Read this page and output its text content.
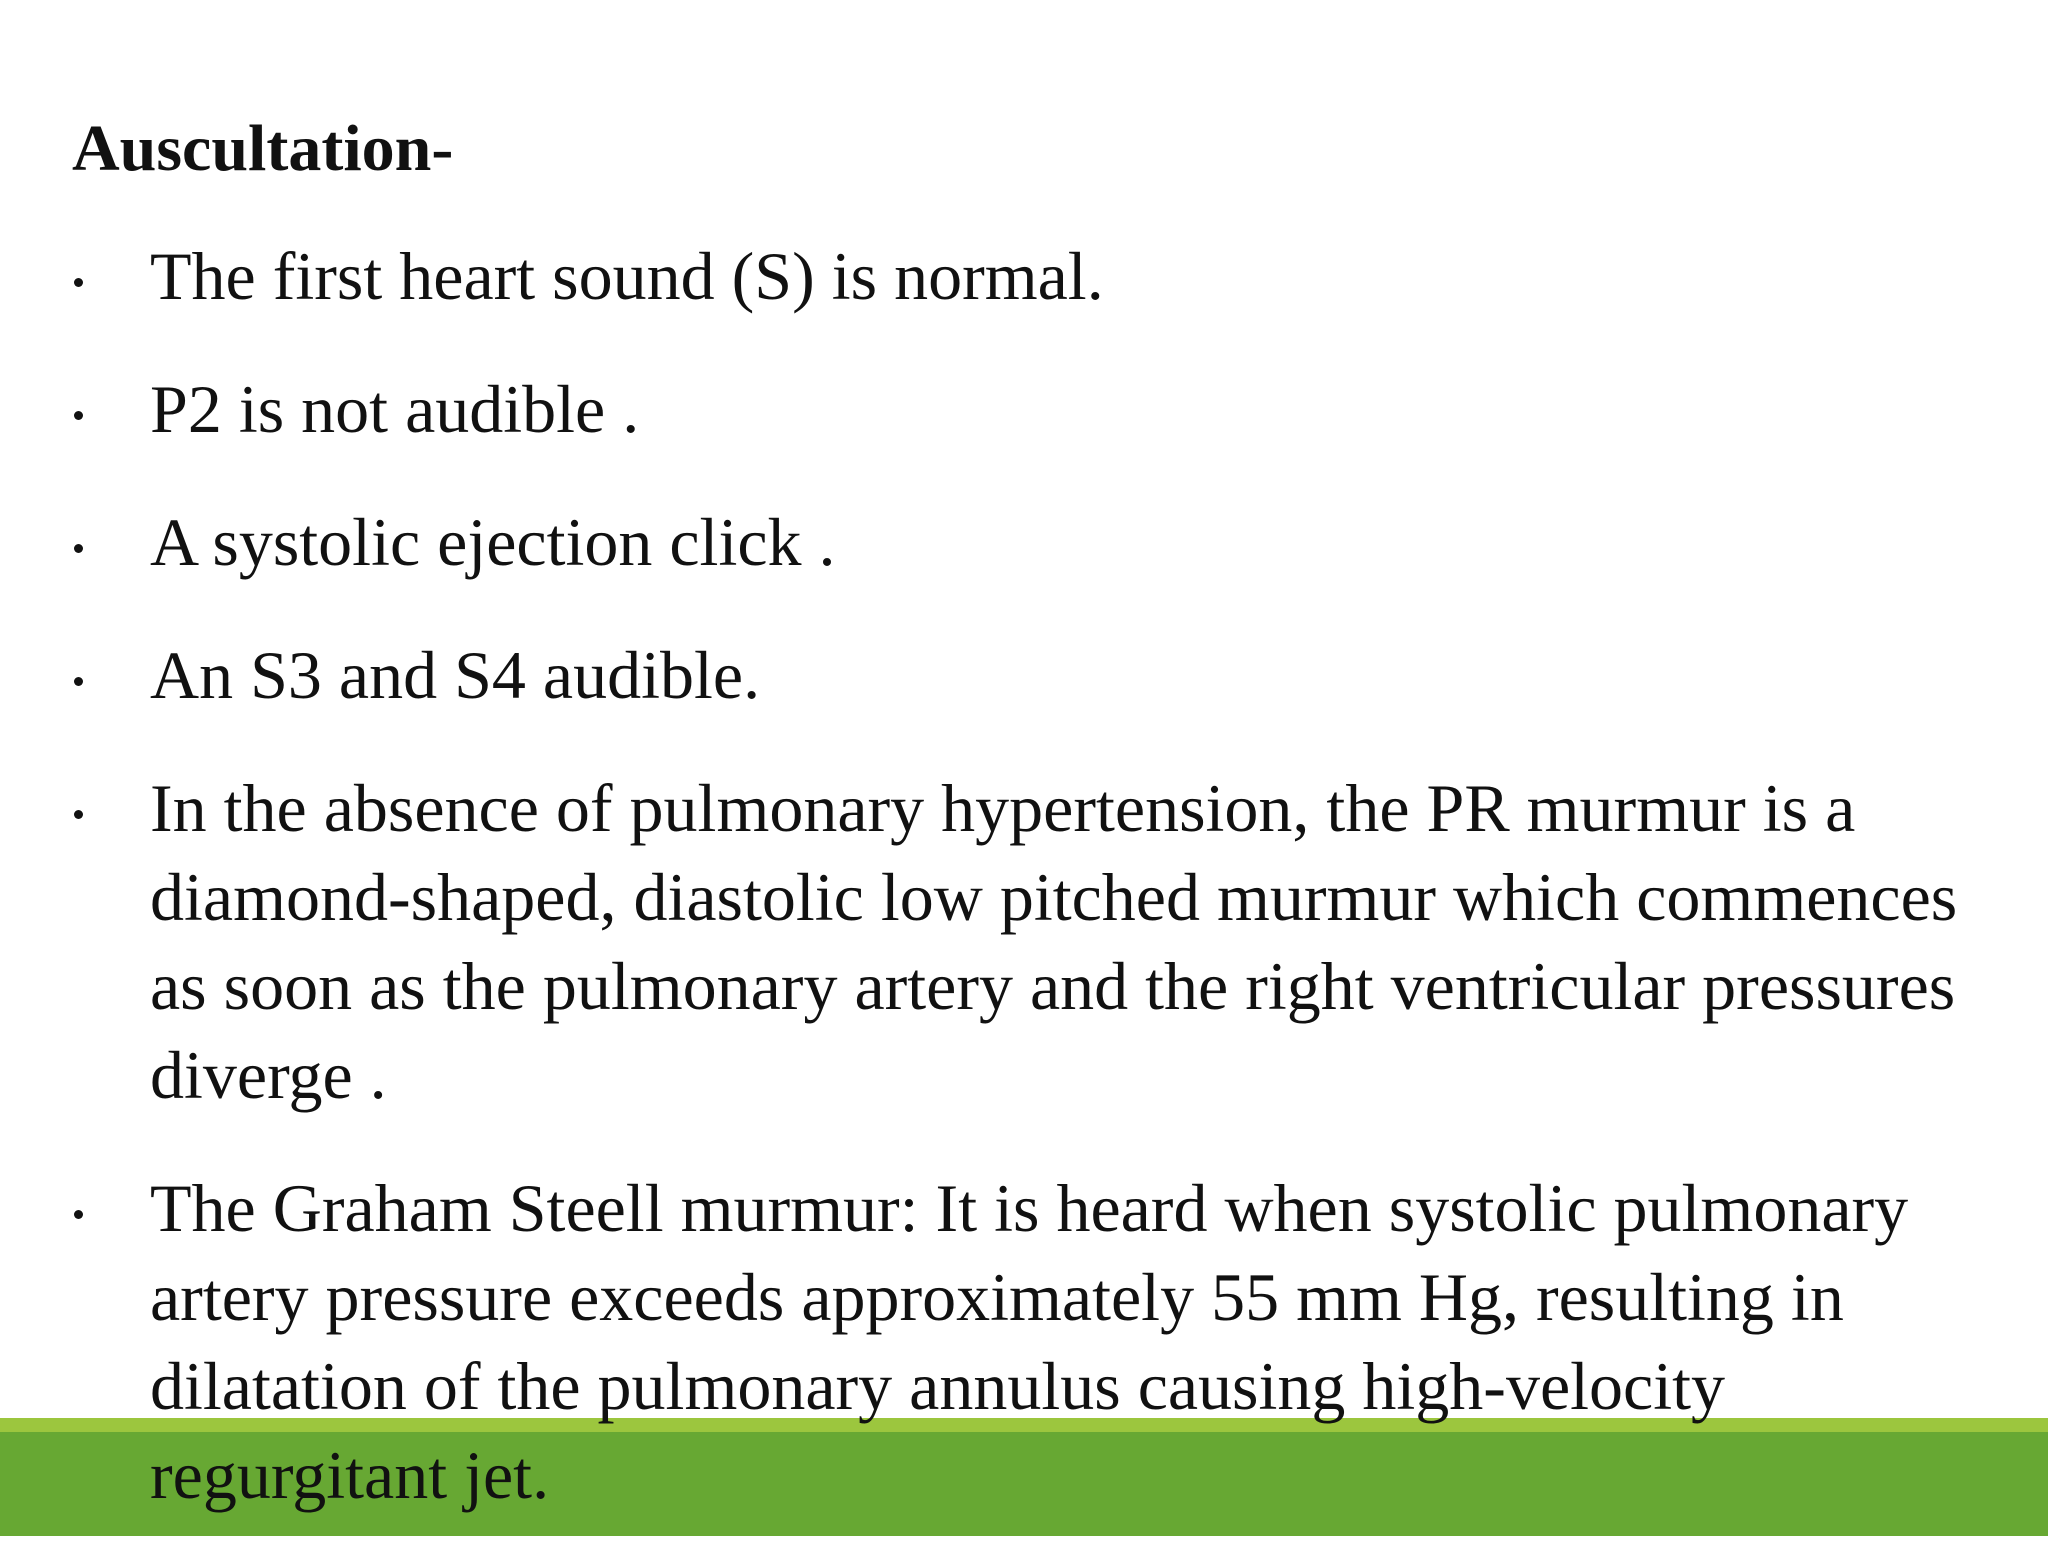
Auscultation-
The first heart sound (S) is normal.
P2 is not audible .
A systolic ejection click .
An S3 and S4 audible.
In the absence of pulmonary hypertension, the PR murmur is a diamond-shaped, diastolic low pitched murmur which commences as soon as the pulmonary artery and the right ventricular pressures diverge .
The Graham Steell murmur: It is heard when systolic pulmonary artery pressure exceeds approximately 55 mm Hg, resulting in dilatation of the pulmonary annulus causing high-velocity regurgitant jet.
